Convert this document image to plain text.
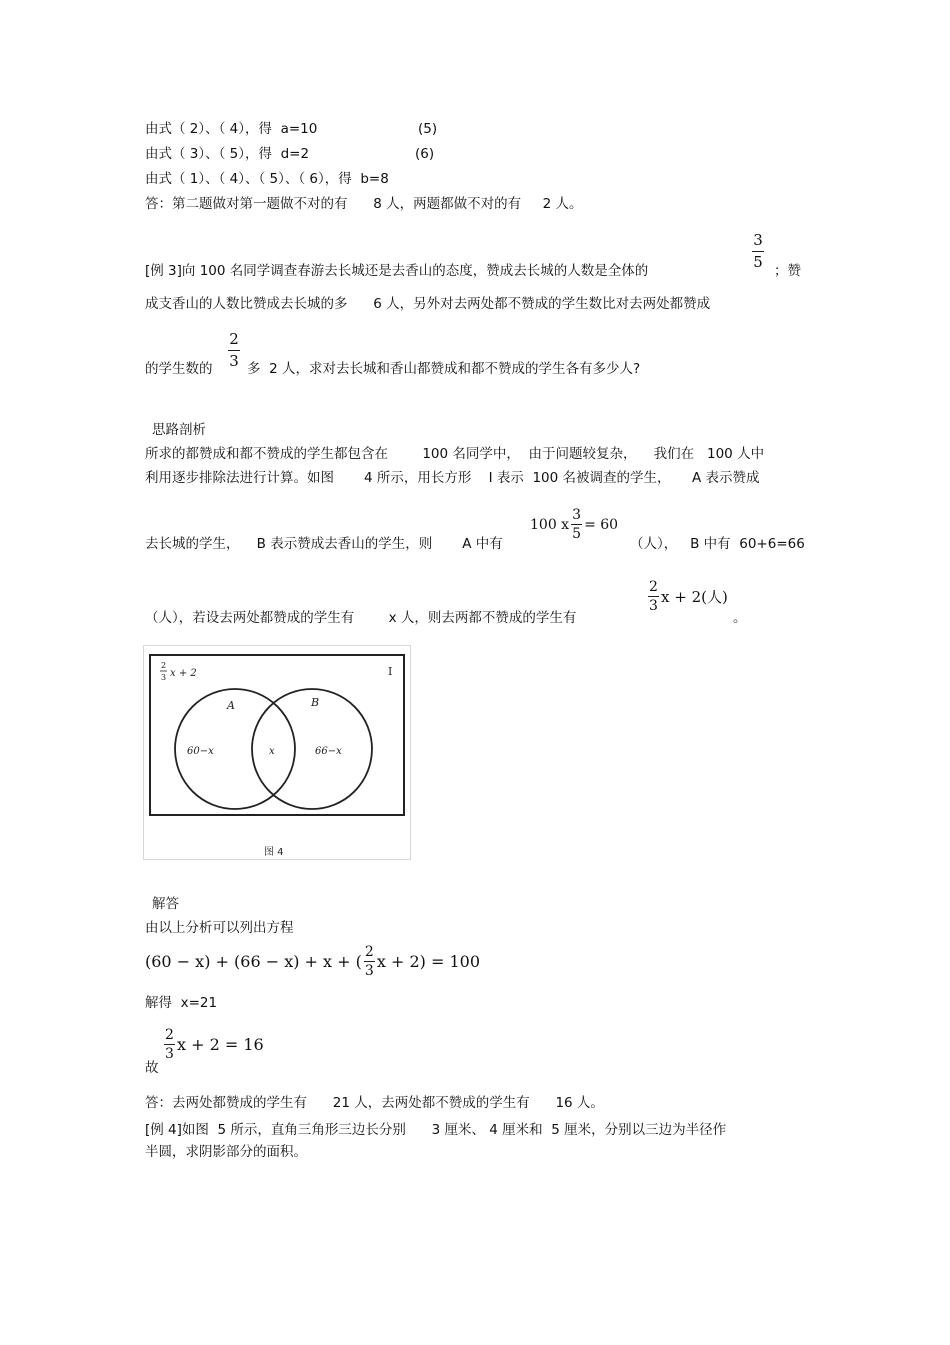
由式（ 2）、（ 4），得  a=10	(5)
由式（ 3）、（ 5），得  d=2	(6)
由式（ 1）、（ 4）、（ 5）、（ 6），得  b=8
答：第二题做对第一题做不对的有      8 人，两题都做不对的有     2 人。
[例 3]向 100 名同学调查春游去长城还是去香山的态度，赞成去长城的人数是全体的
3
5 ；赞
成支香山的人数比赞成去长城的多      6 人，另外对去两处都不赞成的学生数比对去两处都赞成
的学生数的
2
3 多  2 人，求对去长城和香山都赞成和都不赞成的学生各有多少人?
思路剖析
所求的都赞成和都不赞成的学生都包含在        100 名同学中，  由于问题较复杂，    我们在   100 人中
利用逐步排除法进行计算。如图       4 所示，用长方形    I 表示  100 名被调查的学生，     A 表示赞成
去长城的学生，    B 表示赞成去香山的学生，则       A 中有
100 x $\frac{3}{5} = 60$
（人），   B 中有  60+6=66
（人），若设去两处都赞成的学生有        x 人，则去两都不赞成的学生有
$\frac{2}{3}$ x + 2(人)
。
2
3 x + 2	I
A	B
60−x	x	66−x
图 4
解答
由以上分析可以列出方程
(60 − x) + (66 − x) + x + ( $\frac{2}{3}$ x + 2) = 100
解得  x=21
故
$\frac{2}{3}$ x + 2 = 16
答：去两处都赞成的学生有      21 人，去两处都不赞成的学生有      16 人。
[例 4]如图  5 所示，直角三角形三边长分别      3 厘米、 4 厘米和  5 厘米，分别以三边为半径作
半圆，求阴影部分的面积。
